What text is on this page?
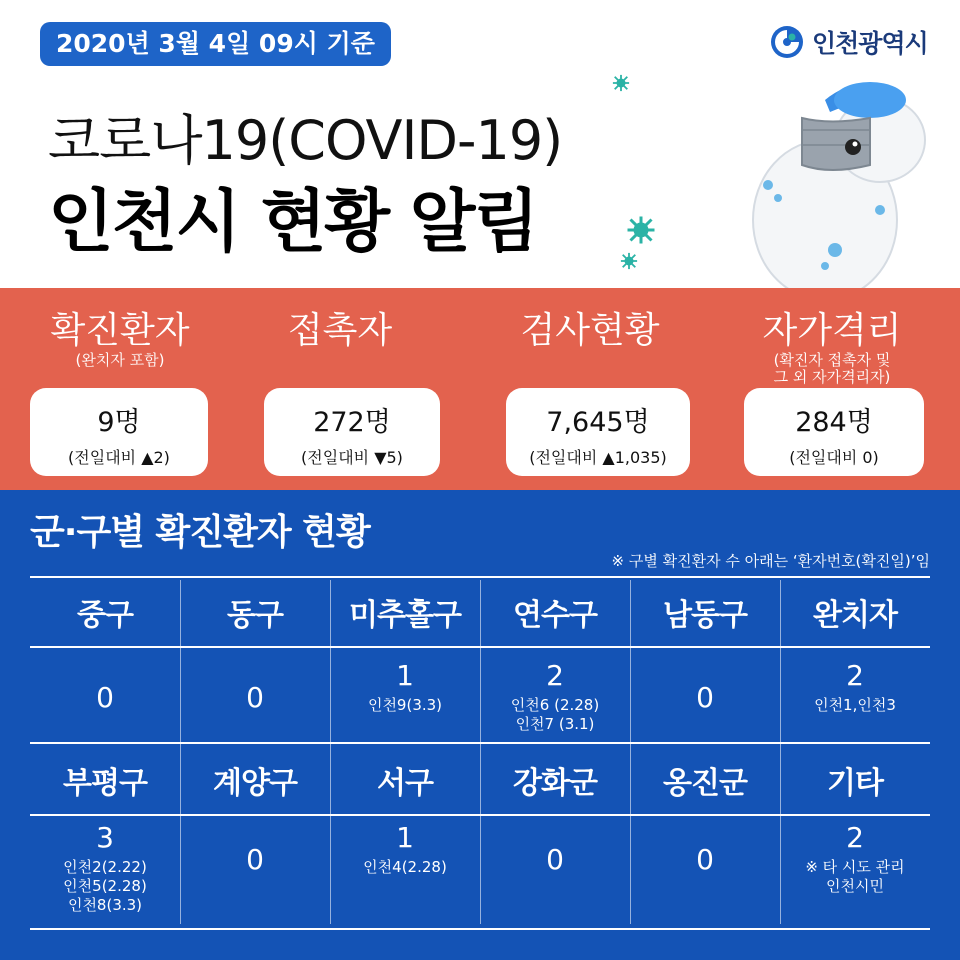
2020년 3월 4일 09시 기준	인천광역시
코로나19(COVID-19)
인천시 현황 알림
확진환자
(완치자 포함)
9명
(전일대비 ▲2)
접촉자
272명
(전일대비 ▼5)
검사현황
7,645명
(전일대비 ▲1,035)
자가격리
(확진자 접촉자 및
그 외 자가격리자)
284명
(전일대비 0)
군·구별 확진환자 현황
※ 구별 확진환자 수 아래는 ‘환자번호(확진일)’임
중구
0
동구
0
미추홀구
1
인천9(3.3)
연수구
2
인천6 (2.28)
인천7 (3.1)
남동구
0
완치자
2
인천1,인천3
부평구
3
인천2(2.22)
인천5(2.28)
인천8(3.3)
계양구
0
서구
1
인천4(2.28)
강화군
0
옹진군
0
기타
2
※ 타 시도 관리
인천시민
